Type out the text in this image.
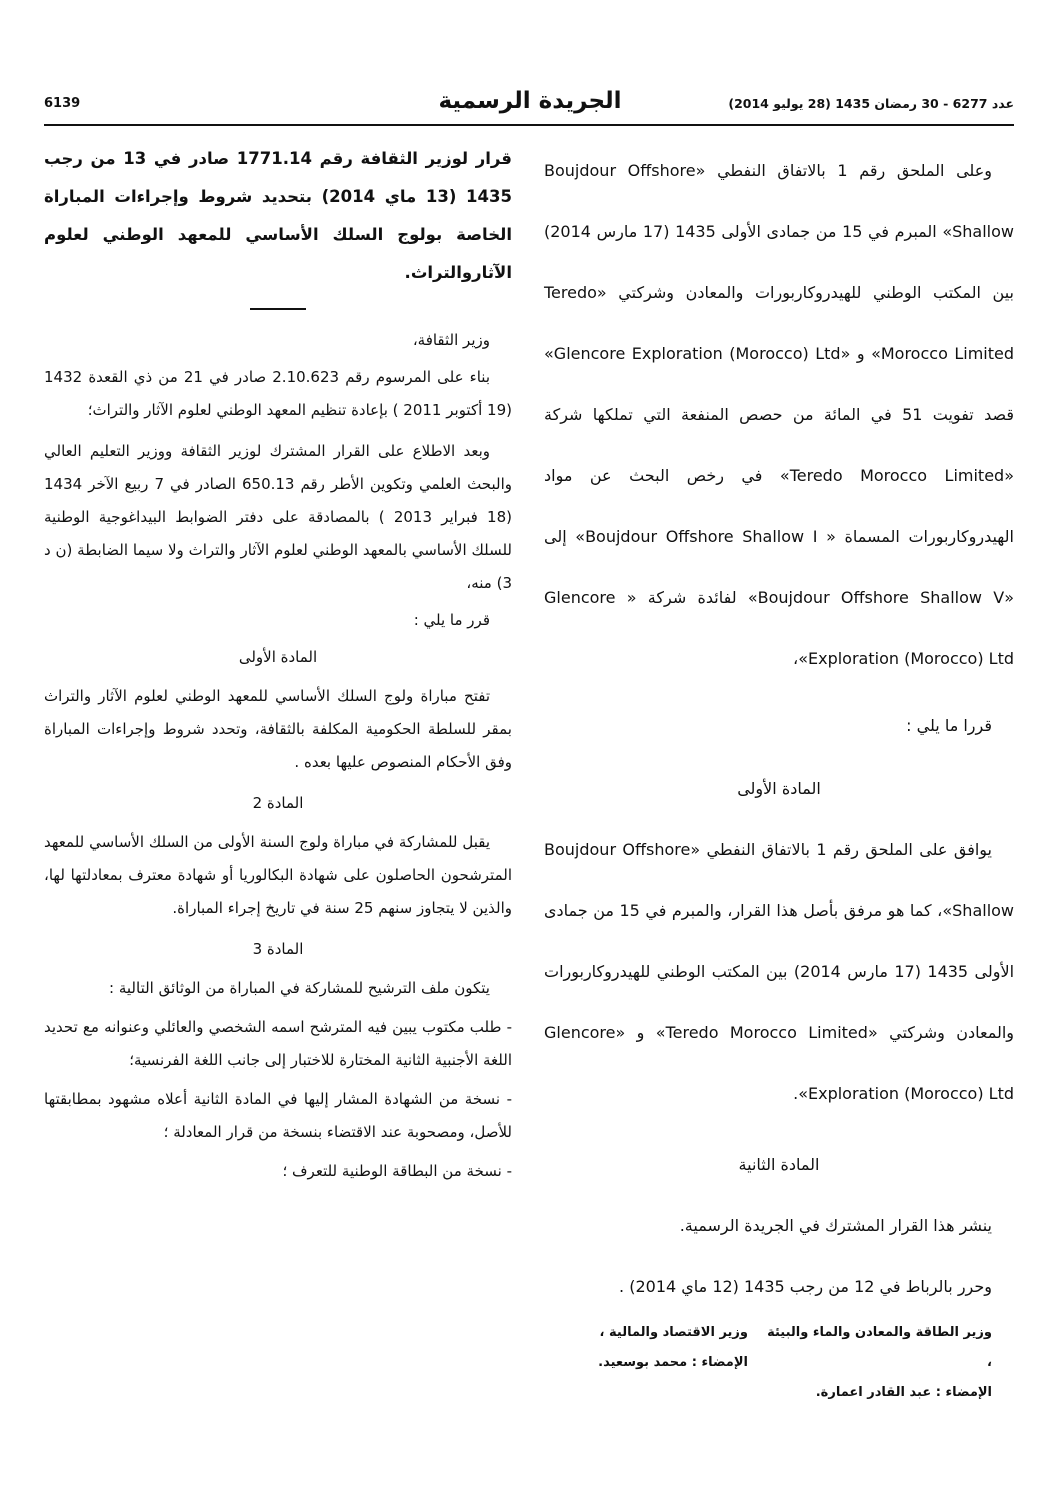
6139	الجريدة الرسمية	عدد 6277 - 30 رمضان 1435 (28 يوليو 2014)

وعلى الملحق رقم 1 بالاتفاق النفطي «Boujdour Offshore Shallow» المبرم في 15 من جمادى الأولى 1435 (17 مارس 2014) بين المكتب الوطني للهيدروكاربورات والمعادن وشركتي «Teredo Morocco Limited» و «Glencore Exploration (Morocco) Ltd» قصد تفويت 51 في المائة من حصص المنفعة التي تملكها شركة «Teredo Morocco Limited» في رخص البحث عن مواد الهيدروكاربورات المسماة « Boujdour Offshore Shallow I» إلى «Boujdour Offshore Shallow V» لفائدة شركة « Glencore Exploration (Morocco) Ltd»،

قررا ما يلي :

المادة الأولى

يوافق على الملحق رقم 1 بالاتفاق النفطي «Boujdour Offshore Shallow»، كما هو مرفق بأصل هذا القرار، والمبرم في 15 من جمادى الأولى 1435 (17 مارس 2014) بين المكتب الوطني للهيدروكاربورات والمعادن وشركتي «Teredo Morocco Limited» و «Glencore Exploration (Morocco) Ltd».

المادة الثانية

ينشر هذا القرار المشترك في الجريدة الرسمية.

وحرر بالرباط في 12 من رجب 1435 (12 ماي 2014) .

وزير الطاقة والمعادن والماء والبيئة ،
الإمضاء : عبد القادر اعمارة.
وزير الاقتصاد والمالية ،
الإمضاء : محمد بوسعيد.

قرار لوزير الثقافة رقم 1771.14 صادر في 13 من رجب 1435 (13 ماي 2014) بتحديد شروط وإجراءات المباراة الخاصة بولوج السلك الأساسي للمعهد الوطني لعلوم الآثاروالتراث.

وزير الثقافة،

بناء على المرسوم رقم 2.10.623 صادر في 21 من ذي القعدة 1432 (19 أكتوبر 2011 ) بإعادة تنظيم المعهد الوطني لعلوم الآثار والتراث؛

وبعد الاطلاع على القرار المشترك لوزير الثقافة ووزير التعليم العالي والبحث العلمي وتكوين الأطر رقم 650.13 الصادر في 7 ربيع الآخر 1434 (18 فبراير 2013 ) بالمصادقة على دفتر الضوابط البيداغوجية الوطنية للسلك الأساسي بالمعهد الوطني لعلوم الآثار والتراث ولا سيما الضابطة (ن د 3) منه،

قرر ما يلي :

المادة الأولى

تفتح مباراة ولوج السلك الأساسي للمعهد الوطني لعلوم الآثار والتراث بمقر للسلطة الحكومية المكلفة بالثقافة، وتحدد شروط وإجراءات المباراة وفق الأحكام المنصوص عليها بعده .

المادة 2

يقبل للمشاركة في مباراة ولوج السنة الأولى من السلك الأساسي للمعهد المترشحون الحاصلون على شهادة البكالوريا أو شهادة معترف بمعادلتها لها، والذين لا يتجاوز سنهم 25 سنة في تاريخ إجراء المباراة.

المادة 3

يتكون ملف الترشيح للمشاركة في المباراة من الوثائق التالية :

- طلب مكتوب يبين فيه المترشح اسمه الشخصي والعائلي وعنوانه مع تحديد اللغة الأجنبية الثانية المختارة للاختبار إلى جانب اللغة الفرنسية؛

- نسخة من الشهادة المشار إليها في المادة الثانية أعلاه مشهود بمطابقتها للأصل، ومصحوبة عند الاقتضاء بنسخة من قرار المعادلة ؛

- نسخة من البطاقة الوطنية للتعرف ؛
